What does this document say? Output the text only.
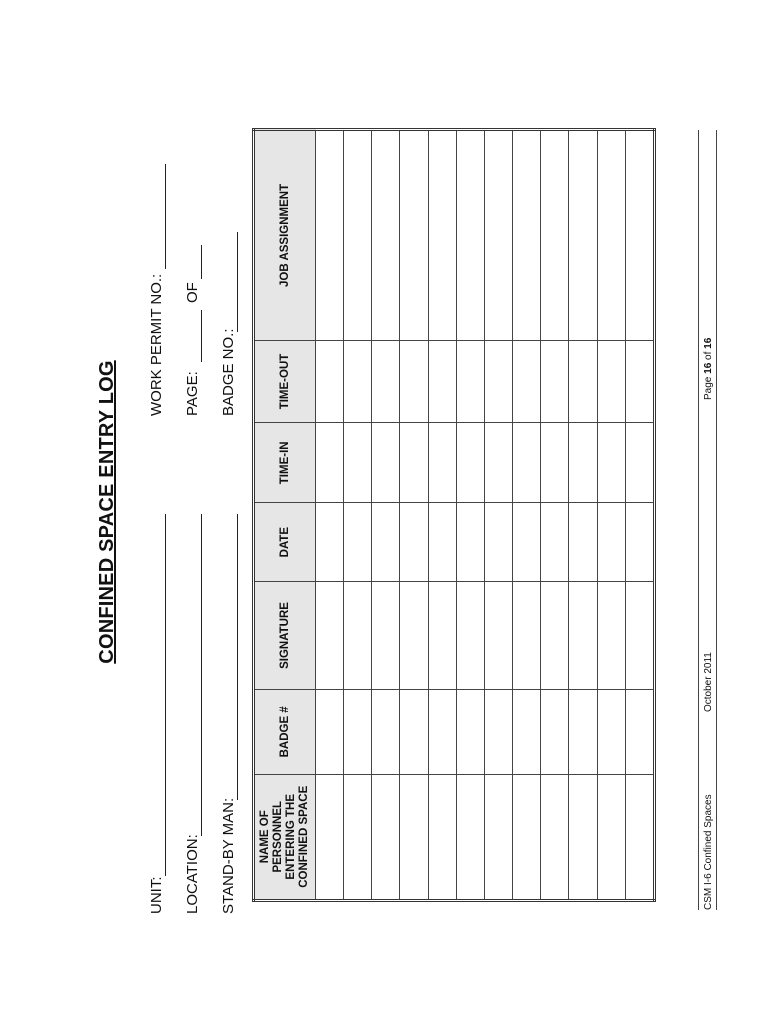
CONFINED SPACE ENTRY LOG
UNIT: LOCATION: STAND-BY MAN:
WORK PERMIT NO.: PAGE:
OF
BADGE NO.:
NAME OF PERSONNEL ENTERING THE CONFINED SPACE	BADGE #	SIGNATURE	DATE	TIME-IN	TIME-OUT	JOB ASSIGNMENT

CSM I-6 Confined Spaces
October 2011
Page 16 of 16
